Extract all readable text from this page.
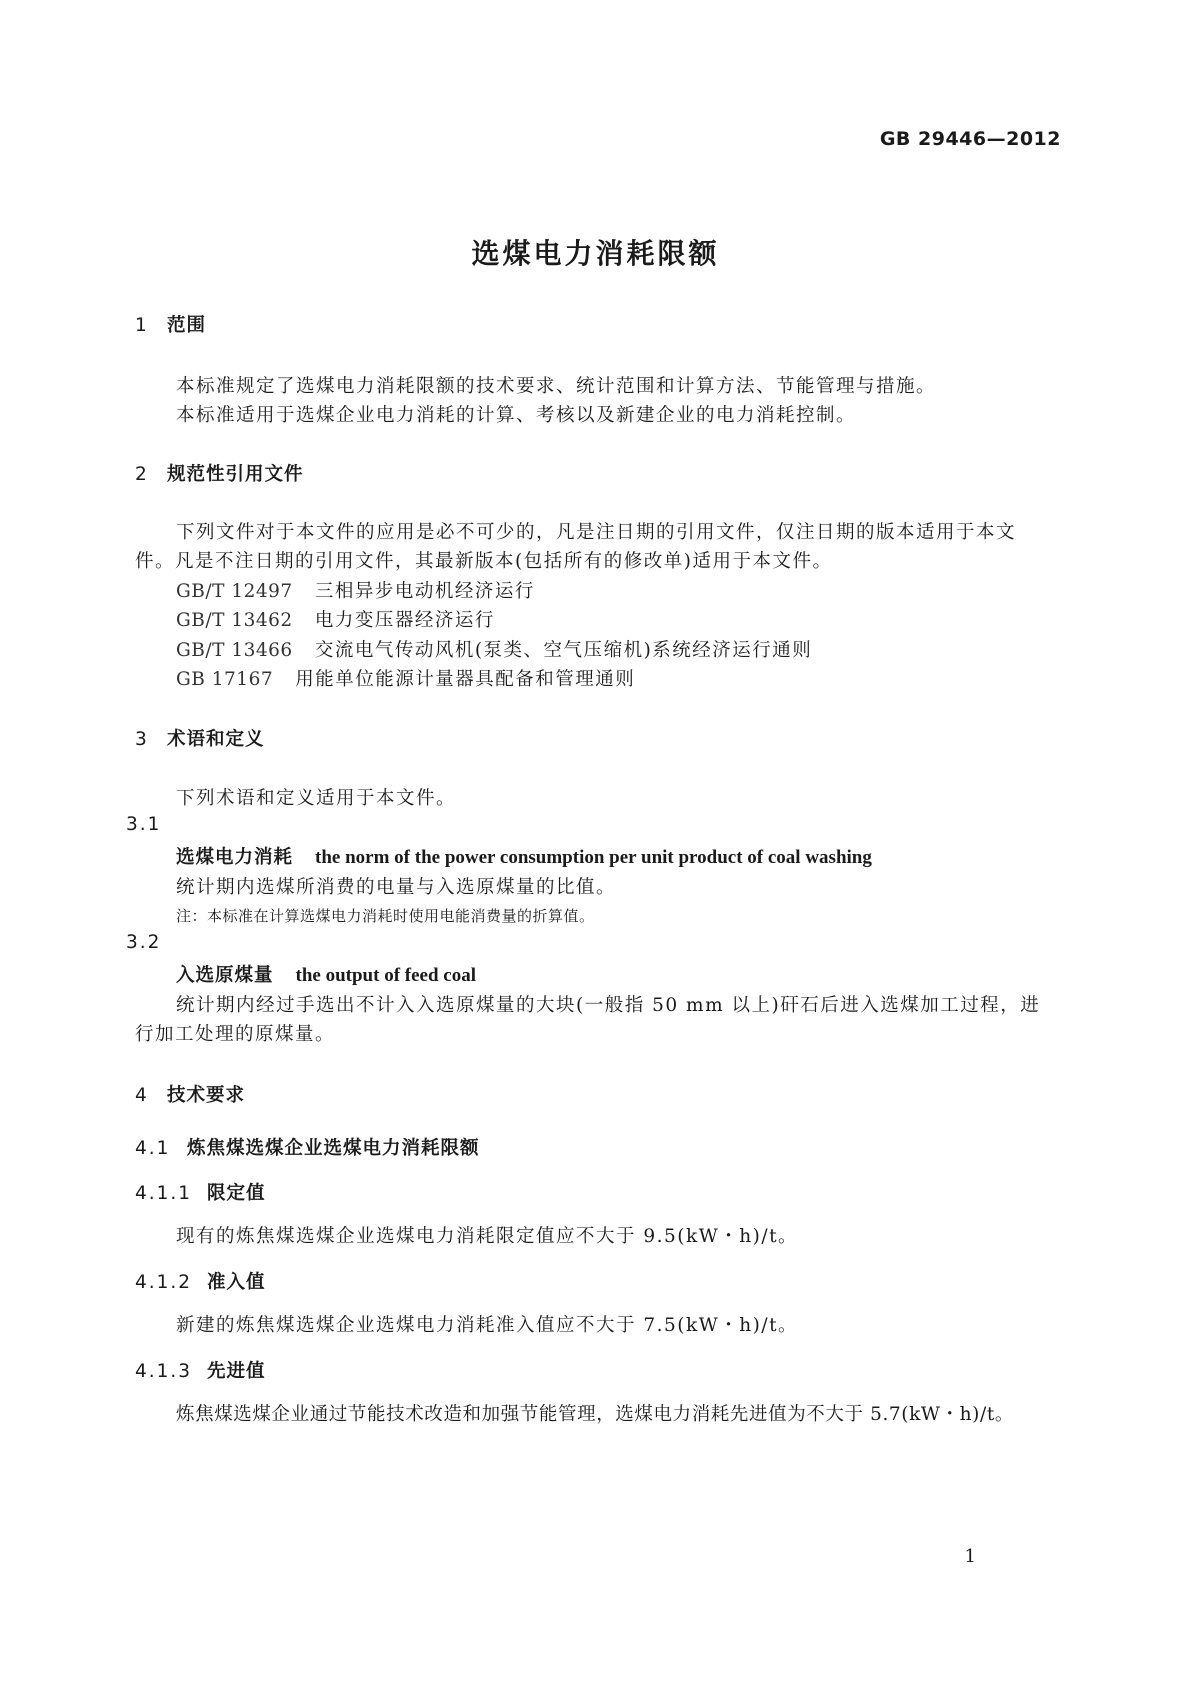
GB 29446—2012
选煤电力消耗限额
1 范围
本标准规定了选煤电力消耗限额的技术要求、统计范围和计算方法、节能管理与措施。
本标准适用于选煤企业电力消耗的计算、考核以及新建企业的电力消耗控制。
2 规范性引用文件
下列文件对于本文件的应用是必不可少的，凡是注日期的引用文件，仅注日期的版本适用于本文
件。凡是不注日期的引用文件，其最新版本(包括所有的修改单)适用于本文件。
GB/T 12497 三相异步电动机经济运行
GB/T 13462 电力变压器经济运行
GB/T 13466 交流电气传动风机(泵类、空气压缩机)系统经济运行通则
GB 17167 用能单位能源计量器具配备和管理通则
3 术语和定义
下列术语和定义适用于本文件。
3.1
选煤电力消耗 the norm of the power consumption per unit product of coal washing
统计期内选煤所消费的电量与入选原煤量的比值。
注：本标准在计算选煤电力消耗时使用电能消费量的折算值。
3.2
入选原煤量 the output of feed coal
统计期内经过手选出不计入入选原煤量的大块(一般指 50 mm 以上)矸石后进入选煤加工过程，进
行加工处理的原煤量。
4 技术要求
4.1 炼焦煤选煤企业选煤电力消耗限额
4.1.1 限定值
现有的炼焦煤选煤企业选煤电力消耗限定值应不大于 9.5(kW・h)/t。
4.1.2 准入值
新建的炼焦煤选煤企业选煤电力消耗准入值应不大于 7.5(kW・h)/t。
4.1.3 先进值
炼焦煤选煤企业通过节能技术改造和加强节能管理，选煤电力消耗先进值为不大于 5.7(kW・h)/t。
1
